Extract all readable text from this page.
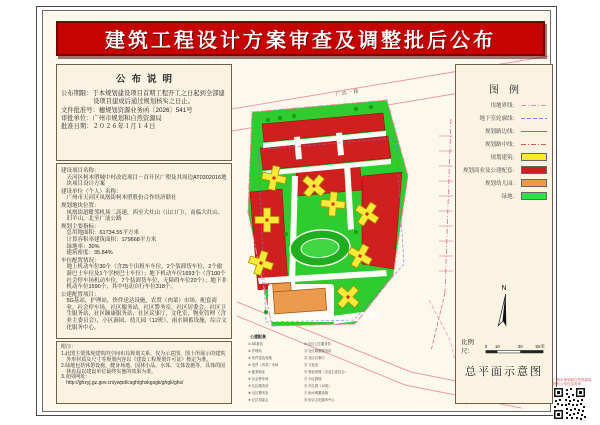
建筑工程设计方案审查及调整批后公布
公布说明
公布期限：于本规划建设项目首期工程开工之日起到全部建设项目建成后通过规划核实之日止。
文件批准号：穗规划资源业务函〔2026〕541号
审批单位：广州市规划和自然资源局
批准日期：２０２６年１月１４日
建设项目名称：
天河区柯木塱城中村改造项目－首开区广塱及其周边AT0302016地块项目设计方案
建设单位（个人）名称：
广州市天河区凤凰街柯木塱股份合作经济联社
规划地块位置：
凤凰街道毗邻机场二高速，西至大灶山（山口门），南临大灶山、旧羊山，北至广汕公路
规划主要指标：
总用地面积：61734.55平方米
计算容积率建筑面积：179668平方米
绿地率：30%
建筑密度：35.84%
车位配置情况：
地上机动车位30个（含25个出租车车位，2个装卸货车位，2个旅游巴士车位及1个学校巴士车位）；地下机动车位1693个（含100个社会停车场机动车位，7个装卸货车位，无障碍车位20个）；地下非机动车位1590个，其中电动自行车位318个。
公建配置项目：
5G基站，护理站，快件送达设施，农贸（肉菜）市场，配套商业，社会停车场，社区服务站，社区警务室，社区居委会，社区卫生服务站，社区颐康服务站，社区议事厅，文化室，物业管理（含业主委员会），小区游园，幼儿园（12班），雨水调蓄设施，综合文化服务中心。
附注：
1.此图主要体现建筑的空间布局规划关系，仅为示意图，图上所展示的建筑外形材质及尺寸等规划内容以《建设工程规划许可证》核定为准。
2.绿地包括休憩设施、健身场地、园林小品、水体、文体设施等，具体的园林布局以建设单位最终实施的效果为准。
3.查阅网址：
http://ghzyj.gz.gov.cn/ywpd/csgh/ghxkgsgk/ghgk/ghs/
广汕一路
公建配套
① 5G基站
② 护理站
③ 快件送达设施
④ 农贸（肉菜）市场
⑤ 配套商业
⑥ 社会停车场
⑦ 社区服务站
⑧ 社区警务室
⑨ 社区居委会
⑩ 社区卫生服务站
⑪ 社区颐康服务站
⑫ 社区议事厅
⑬ 文化室
⑭ 物业管理（含业主委员会）
⑮ 小区游园
⑯ 幼儿园（12班）
⑰ 雨水调蓄设施
⑱ 综合文化服务中心
图例
用地界线：
地下室轮廓线：
规划路边线：
规划路中线：
规划建筑：
规划商业及公建配套：
规划幼儿园：
绿地：
N
比例尺:
0 10	30	50米
总平面示意图
广州市规划和自然资源局
批后公布信息查询
